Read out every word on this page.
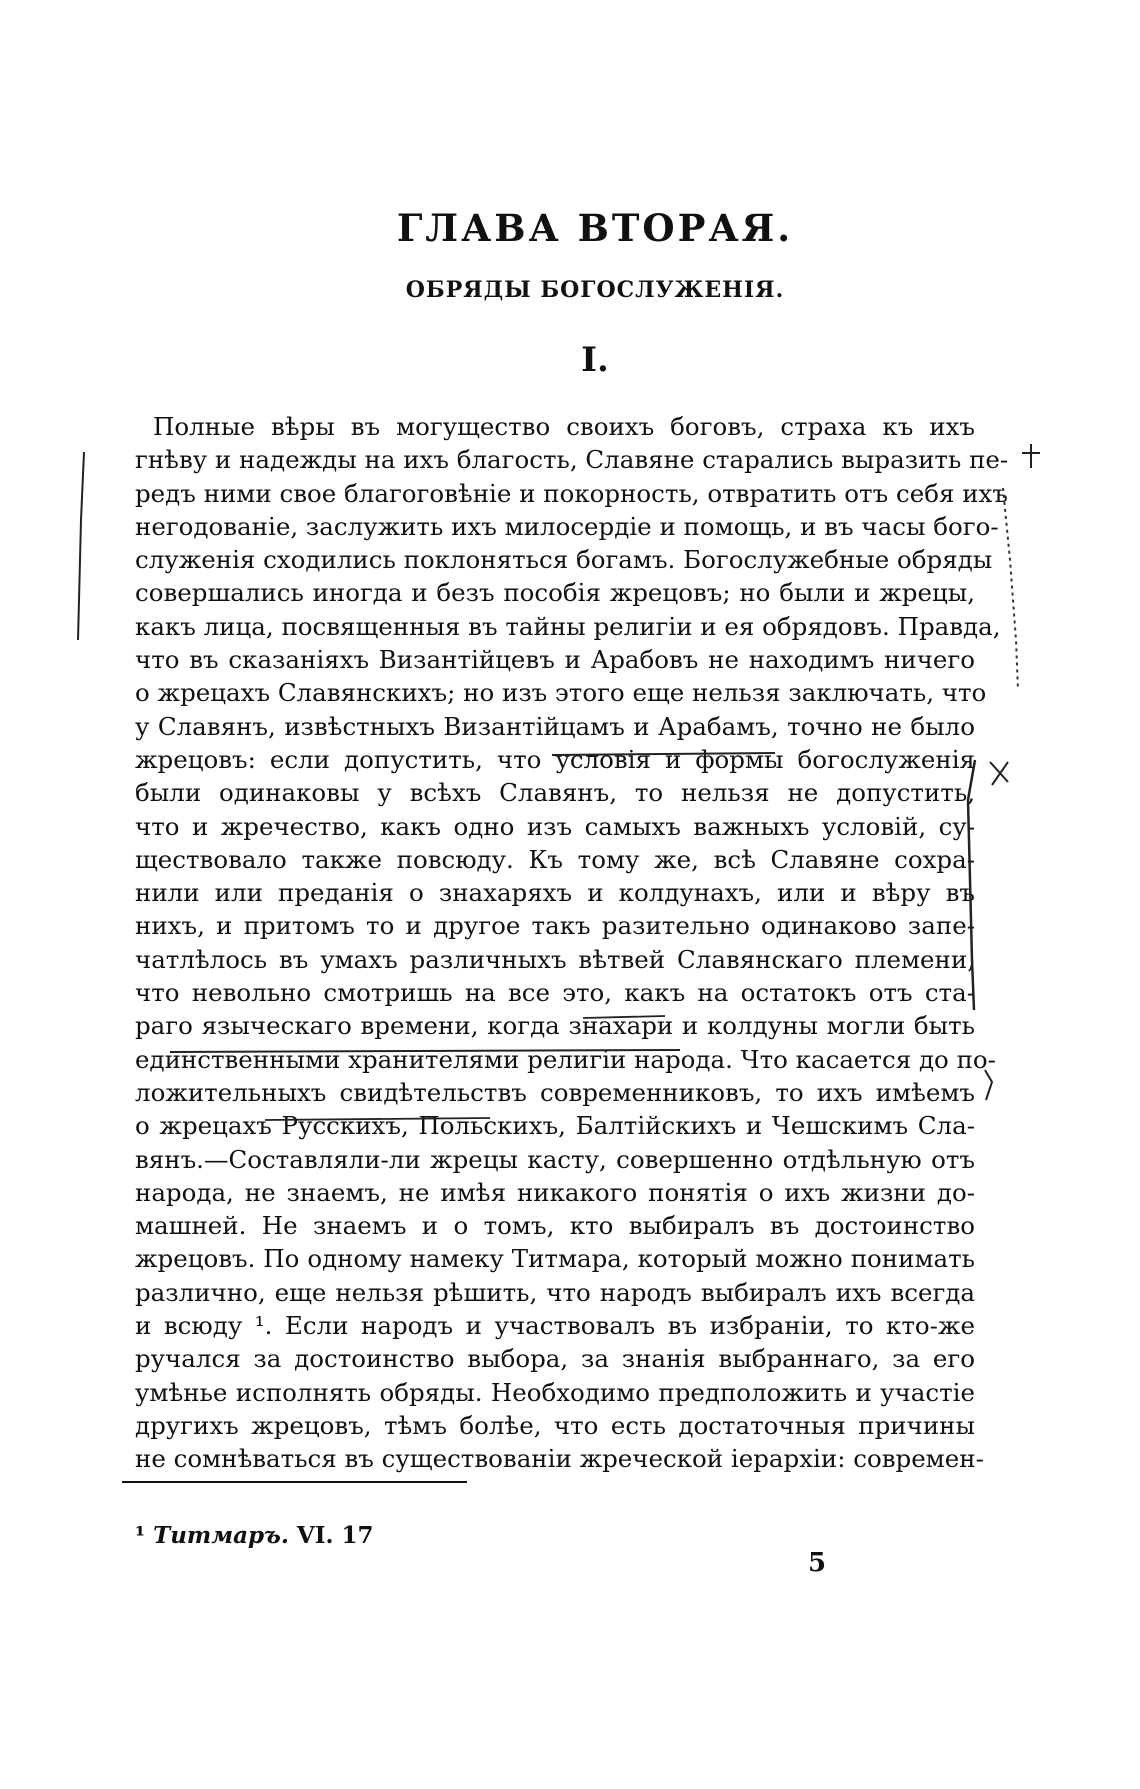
ГЛАВА ВТОРАЯ.
ОБРЯДЫ БОГОСЛУЖЕНІЯ.
I.
Полные вѣры въ могущество своихъ боговъ, страха къ ихъ
гнѣву и надежды на ихъ благость, Славяне старались выразить пе-
редъ ними свое благоговѣніе и покорность, отвратить отъ себя ихъ
негодованіе, заслужить ихъ милосердіе и помощь, и въ часы бого-
служенія сходились поклоняться богамъ. Богослужебные обряды
совершались иногда и безъ пособія жрецовъ; но были и жрецы,
какъ лица, посвященныя въ тайны религіи и ея обрядовъ. Правда,
что въ сказаніяхъ Византійцевъ и Арабовъ не находимъ ничего
о жрецахъ Славянскихъ; но изъ этого еще нельзя заключать, что
у Славянъ, извѣстныхъ Византійцамъ и Арабамъ, точно не было
жрецовъ: если допустить, что условія и формы богослуженія
были одинаковы у всѣхъ Славянъ, то нельзя не допустить,
что и жречество, какъ одно изъ самыхъ важныхъ условій, су-
ществовало также повсюду. Къ тому же, всѣ Славяне сохра-
нили или преданія о знахаряхъ и колдунахъ, или и вѣру въ
нихъ, и притомъ то и другое такъ разительно одинаково запе-
чатлѣлось въ умахъ различныхъ вѣтвей Славянскаго племени,
что невольно смотришь на все это, какъ на остатокъ отъ ста-
раго языческаго времени, когда знахари и колдуны могли быть
единственными хранителями религіи народа. Что касается до по-
ложительныхъ свидѣтельствъ современниковъ, то ихъ имѣемъ
о жрецахъ Русскихъ, Польскихъ, Балтійскихъ и Чешскимъ Сла-
вянъ.—Составляли-ли жрецы касту, совершенно отдѣльную отъ
народа, не знаемъ, не имѣя никакого понятія о ихъ жизни до-
машней. Не знаемъ и о томъ, кто выбиралъ въ достоинство
жрецовъ. По одному намеку Титмара, который можно понимать
различно, еще нельзя рѣшить, что народъ выбиралъ ихъ всегда
и всюду ¹. Если народъ и участвовалъ въ избраніи, то кто-же
ручался за достоинство выбора, за знанія выбраннаго, за его
умѣнье исполнять обряды. Необходимо предположить и участіе
другихъ жрецовъ, тѣмъ болѣе, что есть достаточныя причины
не сомнѣваться въ существованіи жреческой іерархіи: современ-
¹ Титмаръ. VI. 17
5
